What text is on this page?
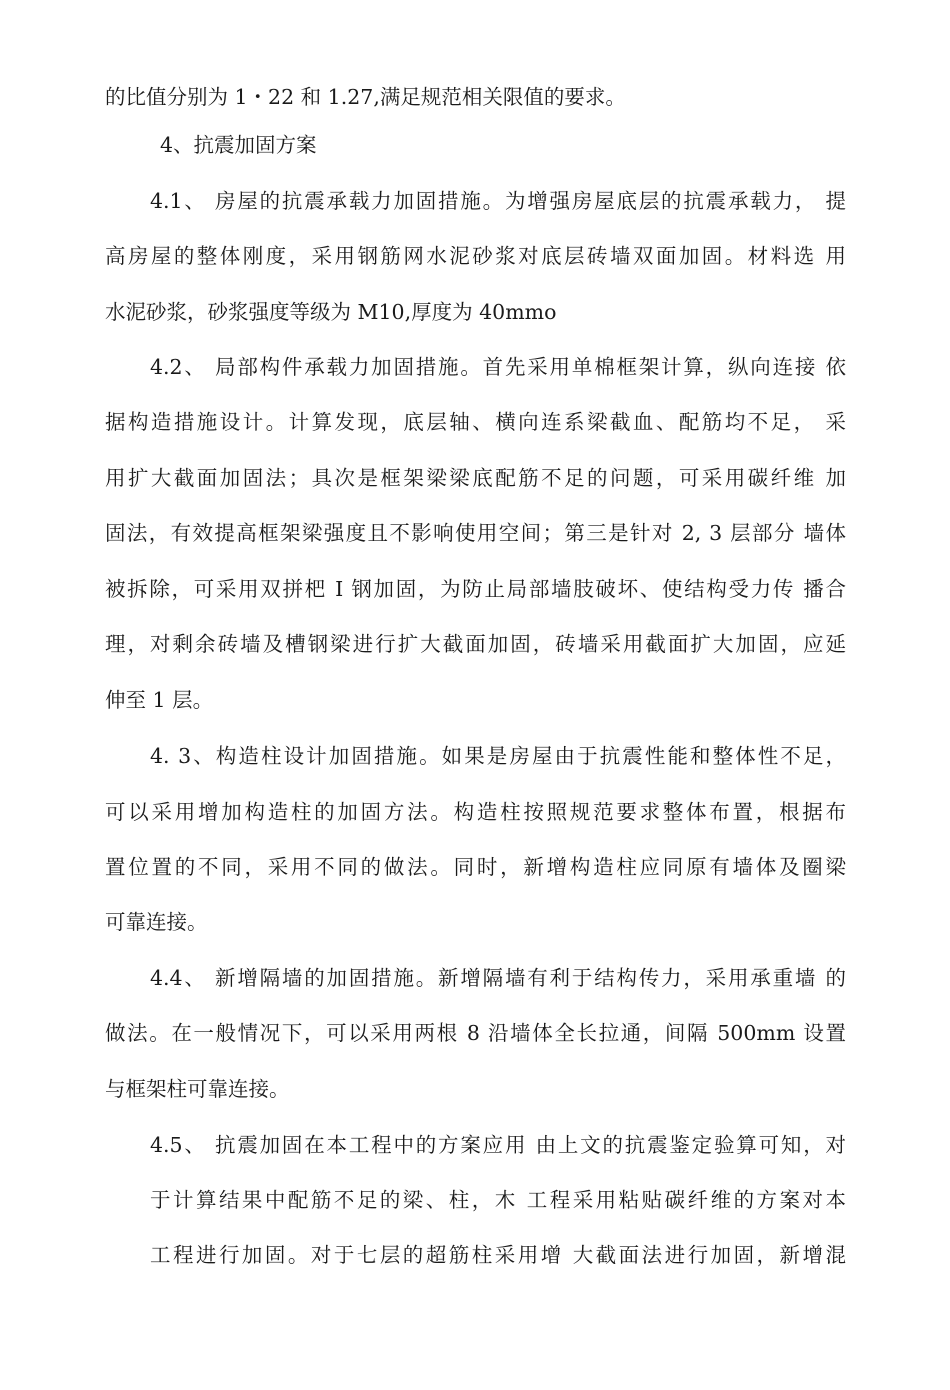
的比值分别为 1・22 和 1.27,满足规范相关限值的要求。
4、抗震加固方案
4.1、 房屋的抗震承载力加固措施。为增强房屋底层的抗震承载力， 提
高房屋的整体刚度，采用钢筋网水泥砂浆对底层砖墙双面加固。材料选 用
水泥砂浆，砂浆强度等级为 M10,厚度为 40mmo
4.2、 局部构件承载力加固措施。首先采用单棉框架计算，纵向连接 依
据构造措施设计。计算发现，底层轴、横向连系梁截血、配筋均不足， 采
用扩大截面加固法；具次是框架梁梁底配筋不足的问题，可采用碳纤维 加
固法，有效提高框架梁强度且不影响使用空间；第三是针对 2, 3 层部分 墙体
被拆除，可采用双拼杷 I 钢加固，为防止局部墙肢破坏、使结构受力传 播合
理，对剩余砖墙及槽钢梁进行扩大截面加固，砖墙采用截面扩大加固，应延
伸至 1 层。
4. 3、构造柱设计加固措施。如果是房屋由于抗震性能和整体性不足，
可以采用增加构造柱的加固方法。构造柱按照规范要求整体布置，根据布
置位置的不同，采用不同的做法。同时，新增构造柱应同原有墙体及圈梁
可靠连接。
4.4、 新增隔墙的加固措施。新增隔墙有利于结构传力，采用承重墙 的
做法。在一般情况下，可以采用两根 8 沿墙体全长拉通，间隔 500mm 设置
与框架柱可靠连接。
4.5、 抗震加固在本工程中的方案应用 由上文的抗震鉴定验算可知，对
于计算结果中配筋不足的梁、柱，木 工程采用粘贴碳纤维的方案对本
工程进行加固。对于七层的超筋柱采用增 大截面法进行加固，新增混
